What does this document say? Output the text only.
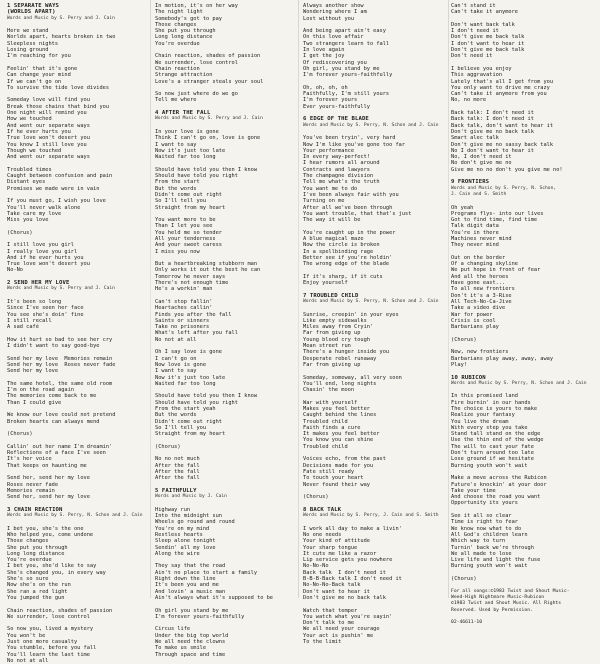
1 SEPARATE WAYS
(WORLDS APART)
Words and Music by S. Perry and J. Cain
Here we stand
Worlds apart, hearts broken in two
Sleepless nights
Losing ground
I'm reaching for you
Feelin' that it's gone
Can change your mind
If we can't go on
To survive the tide love divides
Someday love will find you
Break those chains that bind you
One night will remind you
How we touched
And went our separate ways
If he ever hurts you
True love won't desert you
You know I still love you
Though we touched
And went our separate ways
Troubled times
Caught between confusion and pain
Distant eyes
Promises we made were in vain
If you must go, I wish you love
You'll never walk alone
Take care my love
Miss you love
(Chorus)
I still love you girl
I really love you girl
And if he ever hurts you
True love won't desert you
No-No
2 SEND HER MY LOVE
Words and Music by S. Perry and J. Cain
It's been so long
Since I've seen her face
You see she's doin' fine
I still recall
A sad café
How it hurt so bad to see her cry
I didn't want to say good-bye
Send her my love  Memories remain
Send her my love  Roses never fade
Send her my love
The same hotel, the same old room
I'm on the road again
The memories come back to me
Than I could give
We know our love could not pretend
Broken hearts can always mend
(Chorus)
Callin' out her name I'm dreamin'
Reflections of a face I've seen
It's her voice
That keeps on haunting me
Send her, send her my love
Roses never fade
Memories remain
Send her, send her my love
3 CHAIN REACTION
Words and Music by S. Perry, N. Schon and J. Cain
I bet you, she's the one
Who helped you, come undone
Those changes
She put you through
Long long distance
You're overdue
I bet you, she'd like to say
She's changed you, in every way
She's so sure
Now she's on the run
She ran a red light
You jumped the gun
Chain reaction, shades of passion
We surrender, lose control
So now you, lived a mystery
You won't be
Just one more casualty
You stumble, before you fall
You'll learn the last time
No not at all
In motion, it's on her way
The night light
Somebody's got to pay
Those changes
She put you through
Long long distance
You're overdue
Chain reaction, shades of passion
We surrender, lose control
Chain reaction
Strange attraction
Love's a stranger steals your soul
So now just where do we go
Tell me where
4 AFTER THE FALL
Words and Music by S. Perry and J. Cain
In your love is gone
Think I can't go on, love is gone
I want to say
Now it's just too late
Waited far too long
Should have told you then I know
Should have told you right
From the start
But the words
Didn't come out right
So I'll tell you
Straight from my heart
You want more to be
Than I let you see
You held me so tender
All your tenderness
And your sweet caress
I miss you now
But a heartbreaking stubborn man
Only works it out the best he can
Tomorrow he never says
There's not enough time
He's a workin' man
Can't stop fallin'
Heartaches callin'
Finds you after the fall
Saints or sinners
Take no prisoners
What's left after you fall
No not at all
Oh I say love is gone
I can't go on
Now love is gone
I want to say
Now it's just too late
Waited far too long
Should have told you then I know
Should have told you right
From the start yeah
But the words
Didn't come out right
So I'll tell you
Straight from my heart
(Chorus)
No no not much
After the fall
After the fall
After the fall
5 FAITHFULLY
Words and Music by J. Cain
Highway run
Into the midnight sun
Wheels go round and round
You're on my mind
Restless hearts
Sleep alone tonight
Sendin' all my love
Along the wire
They say that the road
Ain't no place to start a family
Right down the line
It's been you and me
And lovin' a music man
Ain't always what it's supposed to be
Oh girl you stand by me
I'm forever yours-faithfully
Circus life
Under the big top world
We all need the clowns
To make us smile
Through space and time
Always another show
Wondering where I am
Lost without you
And being apart ain't easy
On this love affair
Two strangers learn to fall
In love again
I get the joy
Of rediscovering you
Oh girl, you stand by me
I'm forever yours-faithfully
Oh, oh, oh, oh
Faithfully, I'm still yours
I'm forever yours
Ever yours-faithfully
6 EDGE OF THE BLADE
Words and Music by S. Perry, N. Schon and J. Cain
You've been tryin', very hard
Now I'm like you've gone too far
Your performance
In every way-perfect!
I hear rumors all around
Contracts and lawyers
The champagne division
Tell me what's the truth
You want me to do
I've been always fair with you
Turning on me
After all we've been through
You want trouble, that that's just
The way it will be
You're caught up in the power
A blue magical maze
Now the circle is broken
In a spellbinding rage
Better see if you're holdin'
The wrong edge of the blade
If it's sharp, if it cuts
Enjoy yourself
7 TROUBLED CHILD
Words and Music by S. Perry, N. Schon and J. Cain
Sunrise, creepin' in your eyes
Like empty sidewalks
Miles away from Cryin'
Far from giving up
Young blood cry tough
Mean street run
There's a hunger inside you
Desperate rebel runaway
Far from giving up
Someday, someway, all very soon
You'll end, long nights
Chasin' the moon
War with yourself
Makes you feel better
Caught behind the lines
Troubled child
Faith finds a cure
It makes you feel better
You know you can shine
Troubled child
Voices echo, from the past
Decisions made for you
Fate still ready
To touch your heart
Never found their way
(Chorus)
8 BACK TALK
Words and Music by S. Perry, J. Cain and S. Smith
I work all day to make a livin'
No one needs
Your kind of attitude
Your sharp tongue
It cuts me like a razor
Lip service gets you nowhere
No-No-No
Back talk  I don't need it
B-B-B-Back talk I don't need it
No-No-No-Back talk
Don't want to hear it
Don't give me no back talk
Watch that temper
You watch what you're sayin'
Don't talk to me
We all need your courage
Your act is pushin' me
To the limit
Can't stand it
Can't take it anymore
Don't want back talk
I don't need it
Don't give me back talk
I don't want to hear it
Don't give me back talk
Don't need it
I believe you enjoy
This aggravation
Lately that's all I get from you
You only want to drive me crazy
Can't take it anymore from you
No, no more
Back talk: I don't need it
Back talk: I don't need it
Back talk, don't want to hear it
Don't give me no back talk
Smart alec talk
Don't give me no sassy back talk
No I don't want to hear it
No, I don't need it
No don't give me no
Give me no no don't you give me no!
9 FRONTIERS
Words and Music by S. Perry, N. Schon,
J. Cain and S. Smith
Oh yeah
Programs flys- into our lives
Got to find time, find time
Talk digit data
You're in there
Machines never mind
They never mind
Out on the border
Of a changing skyline
We put hope in front of fear
And all the heroes
Have gone east...
To all new frontiers
Don't it's a 3-Rise
All Tech-No-Ca-Jive
Take a video dive
War for power
Crisis is cool
Barbarians play
(Chorus)
New, new frontiers
Barbarians play away, away, away
Play!
10 RUBICON
Words and Music by S. Perry, N. Schon and J. Cain
In this promised land
Fire burnin' in our hands
The choice is yours to make
Realize your fantasy
You live the dream
With every step you take
Stand tall stand on the edge
Use the thin end of the wedge
The will to cast your fate
Don't turn around too late
Lose ground if we hesitate
Burning youth won't wait
Make a move across the Rubicon
Future's knockin' at your door
Take your time
And choose the road you want
Opportunity its yours
See it all so clear
Time is right to fear
We know now what to do
All God's children learn
Which way to turn
Turnin' back we're through
We all made to lose
Live life and light the fuse
Burning youth won't wait
(Chorus)
For all songs:©1983 Twist and Shout Music-
Weed-High Nightmare Music-Rubicon
©1983 Twist and Shout Music. All Rights
Reserved. Used by Permission.
02-46611-10
